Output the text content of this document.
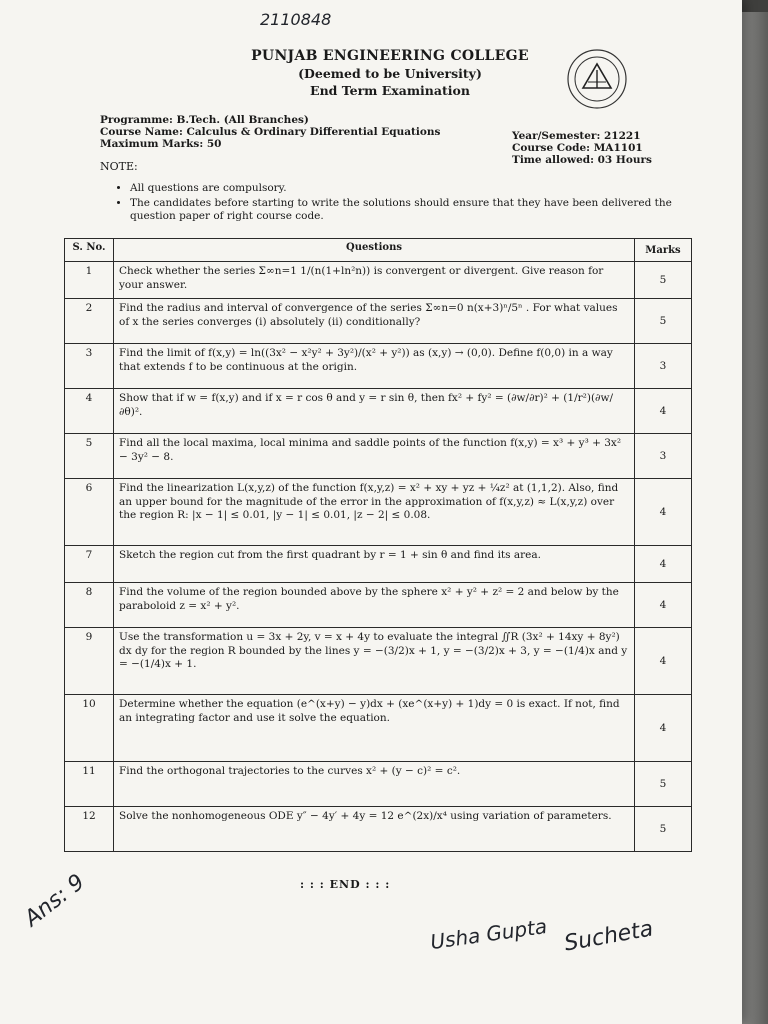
2110848
PUNJAB ENGINEERING COLLEGE
(Deemed to be University)
End Term Examination
Programme: B.Tech. (All Branches)
Course Name: Calculus & Ordinary Differential Equations
Maximum Marks: 50
Year/Semester: 21221
Course Code: MA1101
Time allowed: 03 Hours
NOTE:
• All questions are compulsory.
• The candidates before starting to write the solutions should ensure that they have been delivered the question paper of right course code.
S. No.	Questions	Marks
1	Check whether the series Σ∞n=1 1/(n(1+ln²n)) is convergent or divergent. Give reason for your answer.	5
2	Find the radius and interval of convergence of the series Σ∞n=0 n(x+3)ⁿ/5ⁿ . For what values of x the series converges (i) absolutely (ii) conditionally?	5
3	Find the limit of f(x,y) = ln((3x² − x²y² + 3y²)/(x² + y²)) as (x,y) → (0,0). Define f(0,0) in a way that extends f to be continuous at the origin.	3
4	Show that if w = f(x,y) and if x = r cos θ and y = r sin θ, then fx² + fy² = (∂w/∂r)² + (1/r²)(∂w/∂θ)².	4
5	Find all the local maxima, local minima and saddle points of the function f(x,y) = x³ + y³ + 3x² − 3y² − 8.	3
6	Find the linearization L(x,y,z) of the function f(x,y,z) = x² + xy + yz + ¼z² at (1,1,2). Also, find an upper bound for the magnitude of the error in the approximation of f(x,y,z) ≈ L(x,y,z) over the region R: |x − 1| ≤ 0.01, |y − 1| ≤ 0.01, |z − 2| ≤ 0.08.	4
7	Sketch the region cut from the first quadrant by r = 1 + sin θ and find its area.	4
8	Find the volume of the region bounded above by the sphere x² + y² + z² = 2 and below by the paraboloid z = x² + y².	4
9	Use the transformation u = 3x + 2y, v = x + 4y to evaluate the integral ∬R (3x² + 14xy + 8y²) dx dy for the region R bounded by the lines y = −(3/2)x + 1, y = −(3/2)x + 3, y = −(1/4)x and y = −(1/4)x + 1.	4
10	Determine whether the equation (e^(x+y) − y)dx + (xe^(x+y) + 1)dy = 0 is exact. If not, find an integrating factor and use it solve the equation.	4
11	Find the orthogonal trajectories to the curves x² + (y − c)² = c².	5
12	Solve the nonhomogeneous ODE y″ − 4y′ + 4y = 12 e^(2x)/x⁴ using variation of parameters.	5
: : : END : : :
Ans: 9
Usha Gupta Sucheta
